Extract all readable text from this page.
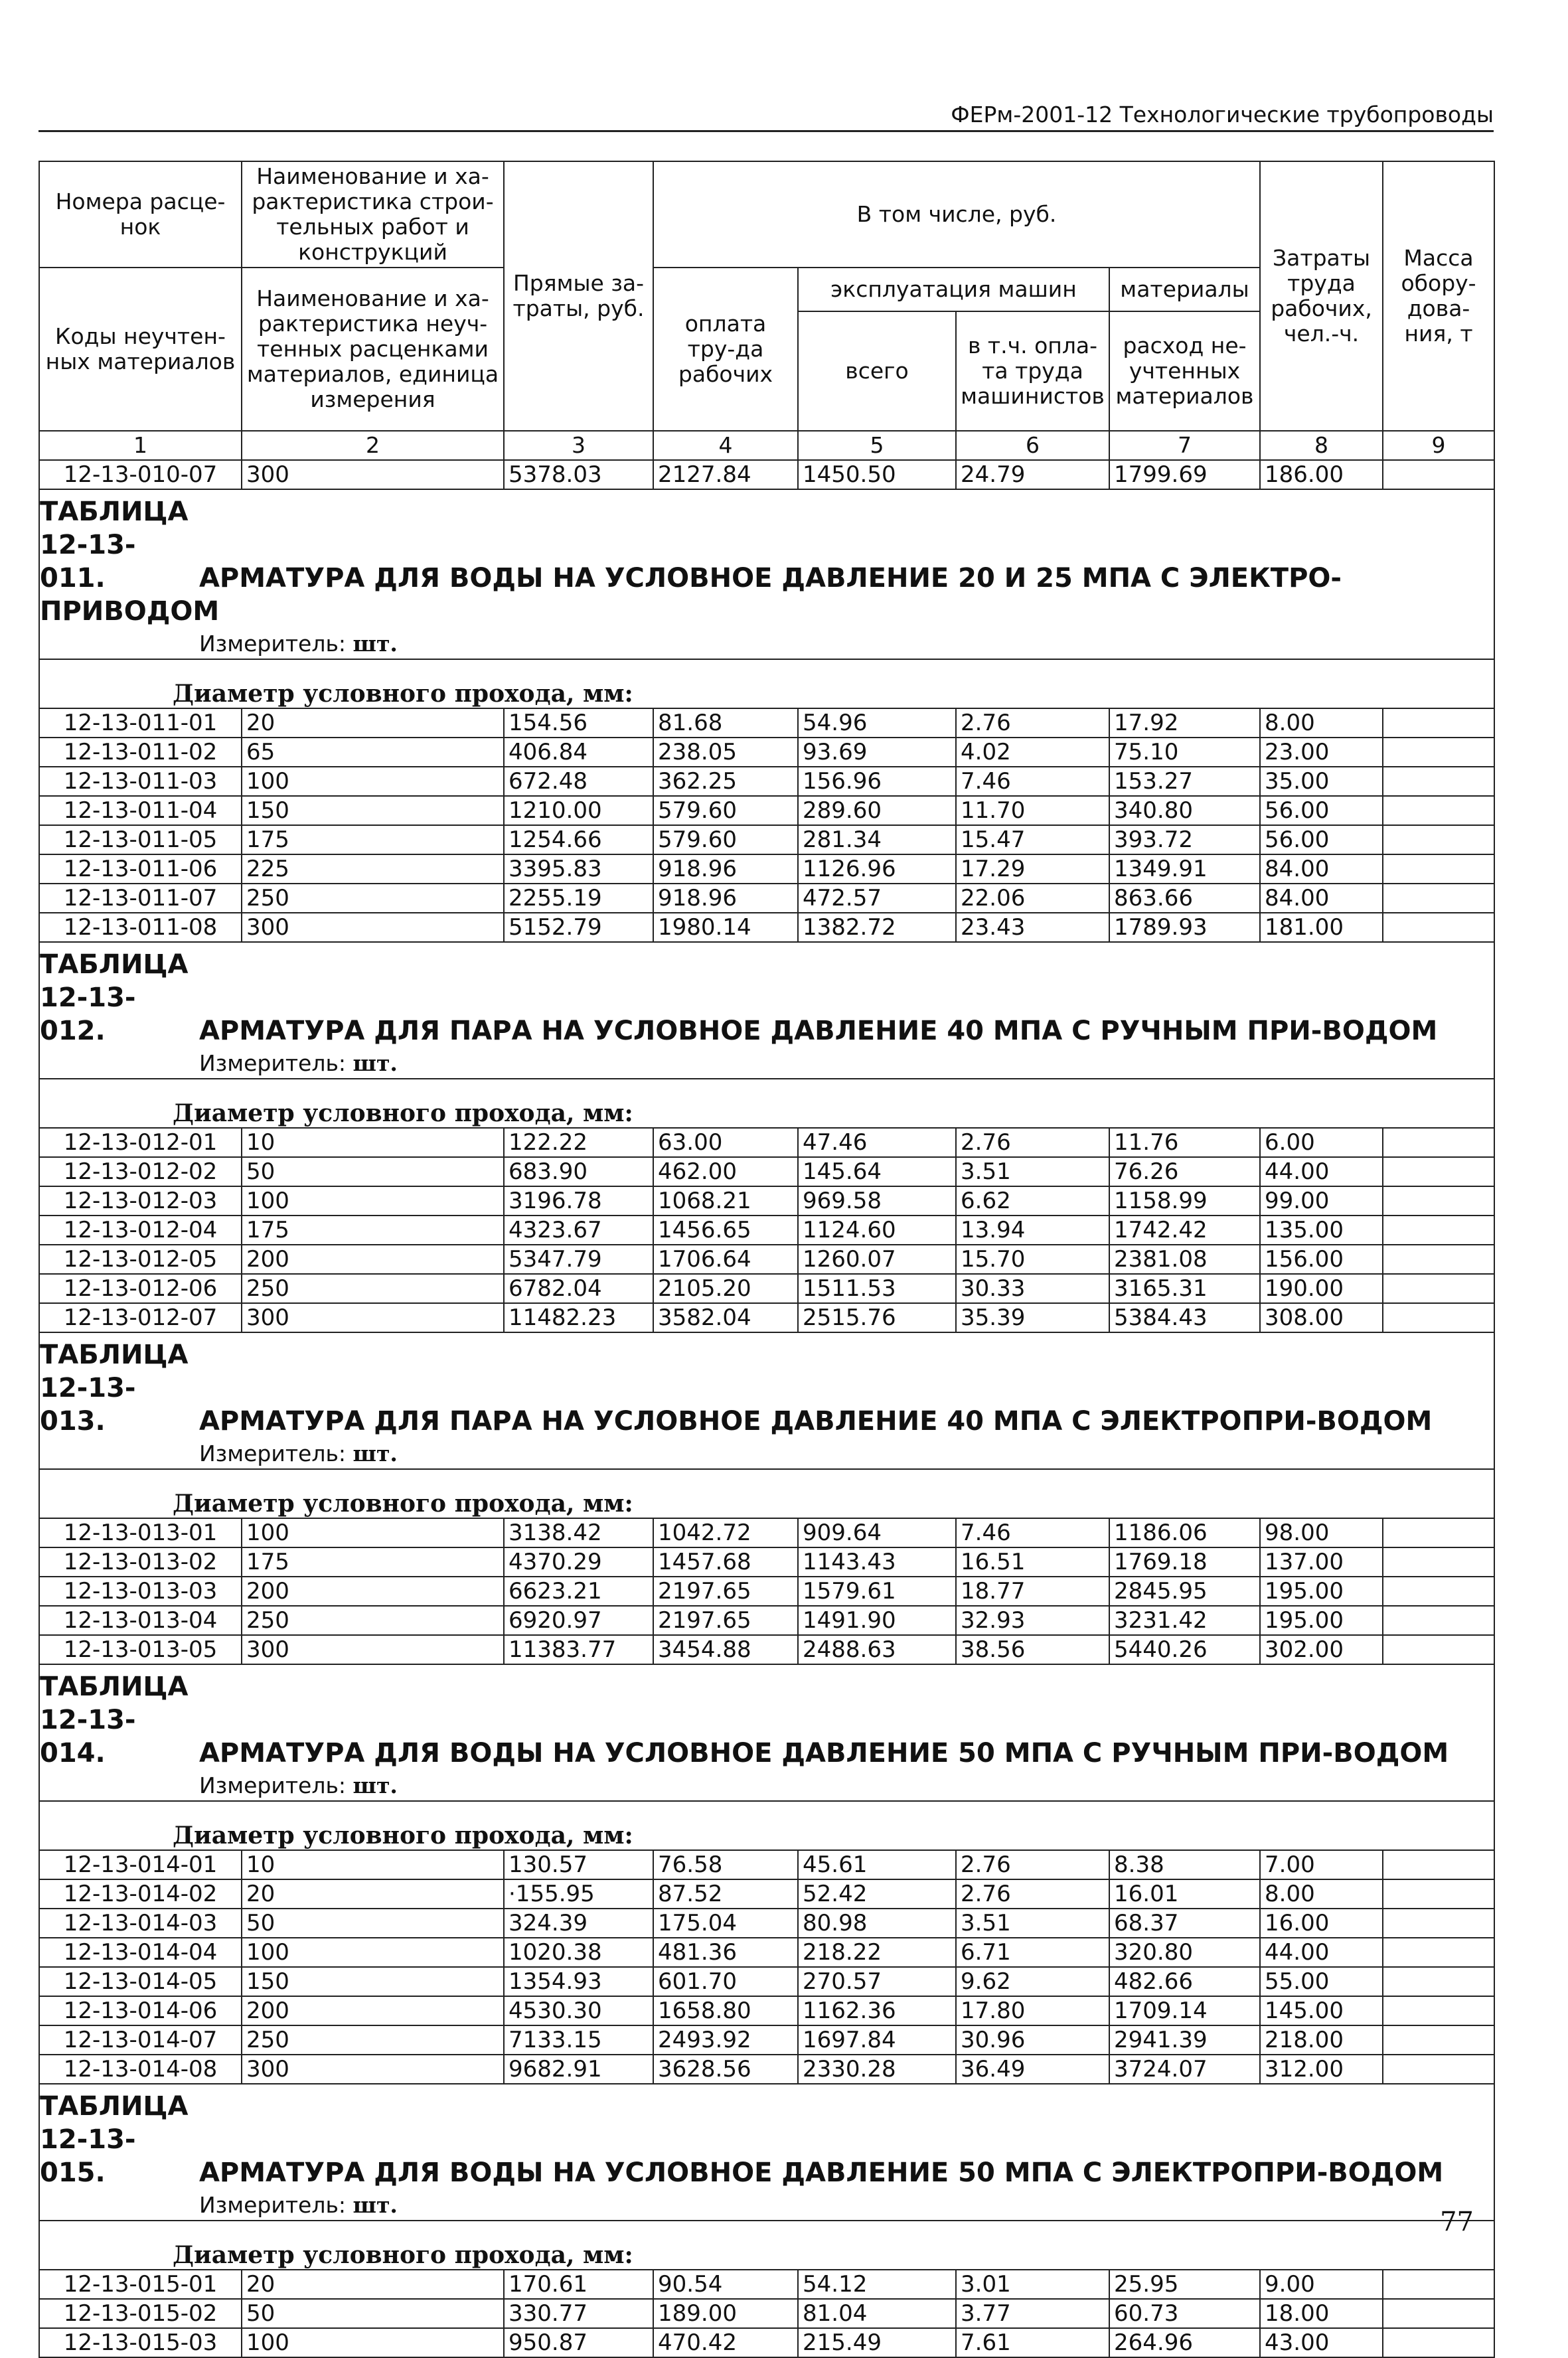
ФЕРм-2001-12 Технологические трубопроводы
Номера расце-нок	Наименование и ха-рактеристика строи-тельных работ и конструкций	Прямые за-траты, руб.	В том числе, руб.				Затраты труда рабочих, чел.-ч.	Масса обору-дова-ния, т
Коды неучтен-ных материалов	Наименование и ха-рактеристика неуч-тенных расценками материалов, единица измерения		оплата тру-да рабочих	эксплуатация машин		материалы		
				всего	в т.ч. опла-та труда машинистов	расход не-учтенных материалов		
1	2	3	4	5	6	7	8	9
12-13-010-07	300	5378.03	2127.84	1450.50	24.79	1799.69	186.00	
ТАБЛИЦА 12-13-011. АРМАТУРА ДЛЯ ВОДЫ НА УСЛОВНОЕ ДАВЛЕНИЕ 20 И 25 МПА С ЭЛЕКТРО-ПРИВОДОМ								
Измеритель: шт.								
Диаметр условного прохода, мм:								
12-13-011-01	20	154.56	81.68	54.96	2.76	17.92	8.00	
12-13-011-02	65	406.84	238.05	93.69	4.02	75.10	23.00	
12-13-011-03	100	672.48	362.25	156.96	7.46	153.27	35.00	
12-13-011-04	150	1210.00	579.60	289.60	11.70	340.80	56.00	
12-13-011-05	175	1254.66	579.60	281.34	15.47	393.72	56.00	
12-13-011-06	225	3395.83	918.96	1126.96	17.29	1349.91	84.00	
12-13-011-07	250	2255.19	918.96	472.57	22.06	863.66	84.00	
12-13-011-08	300	5152.79	1980.14	1382.72	23.43	1789.93	181.00	
ТАБЛИЦА 12-13-012. АРМАТУРА ДЛЯ ПАРА НА УСЛОВНОЕ ДАВЛЕНИЕ 40 МПА С РУЧНЫМ ПРИ-ВОДОМ								
Измеритель: шт.								
Диаметр условного прохода, мм:								
12-13-012-01	10	122.22	63.00	47.46	2.76	11.76	6.00	
12-13-012-02	50	683.90	462.00	145.64	3.51	76.26	44.00	
12-13-012-03	100	3196.78	1068.21	969.58	6.62	1158.99	99.00	
12-13-012-04	175	4323.67	1456.65	1124.60	13.94	1742.42	135.00	
12-13-012-05	200	5347.79	1706.64	1260.07	15.70	2381.08	156.00	
12-13-012-06	250	6782.04	2105.20	1511.53	30.33	3165.31	190.00	
12-13-012-07	300	11482.23	3582.04	2515.76	35.39	5384.43	308.00	
ТАБЛИЦА 12-13-013. АРМАТУРА ДЛЯ ПАРА НА УСЛОВНОЕ ДАВЛЕНИЕ 40 МПА С ЭЛЕКТРОПРИ-ВОДОМ								
Измеритель: шт.								
Диаметр условного прохода, мм:								
12-13-013-01	100	3138.42	1042.72	909.64	7.46	1186.06	98.00	
12-13-013-02	175	4370.29	1457.68	1143.43	16.51	1769.18	137.00	
12-13-013-03	200	6623.21	2197.65	1579.61	18.77	2845.95	195.00	
12-13-013-04	250	6920.97	2197.65	1491.90	32.93	3231.42	195.00	
12-13-013-05	300	11383.77	3454.88	2488.63	38.56	5440.26	302.00	
ТАБЛИЦА 12-13-014. АРМАТУРА ДЛЯ ВОДЫ НА УСЛОВНОЕ ДАВЛЕНИЕ 50 МПА С РУЧНЫМ ПРИ-ВОДОМ								
Измеритель: шт.								
Диаметр условного прохода, мм:								
12-13-014-01	10	130.57	76.58	45.61	2.76	8.38	7.00	
12-13-014-02	20	·155.95	87.52	52.42	2.76	16.01	8.00	
12-13-014-03	50	324.39	175.04	80.98	3.51	68.37	16.00	
12-13-014-04	100	1020.38	481.36	218.22	6.71	320.80	44.00	
12-13-014-05	150	1354.93	601.70	270.57	9.62	482.66	55.00	
12-13-014-06	200	4530.30	1658.80	1162.36	17.80	1709.14	145.00	
12-13-014-07	250	7133.15	2493.92	1697.84	30.96	2941.39	218.00	
12-13-014-08	300	9682.91	3628.56	2330.28	36.49	3724.07	312.00	
ТАБЛИЦА 12-13-015. АРМАТУРА ДЛЯ ВОДЫ НА УСЛОВНОЕ ДАВЛЕНИЕ 50 МПА С ЭЛЕКТРОПРИ-ВОДОМ								
Измеритель: шт.								
Диаметр условного прохода, мм:								
12-13-015-01	20	170.61	90.54	54.12	3.01	25.95	9.00	
12-13-015-02	50	330.77	189.00	81.04	3.77	60.73	18.00	
12-13-015-03	100	950.87	470.42	215.49	7.61	264.96	43.00	
77
